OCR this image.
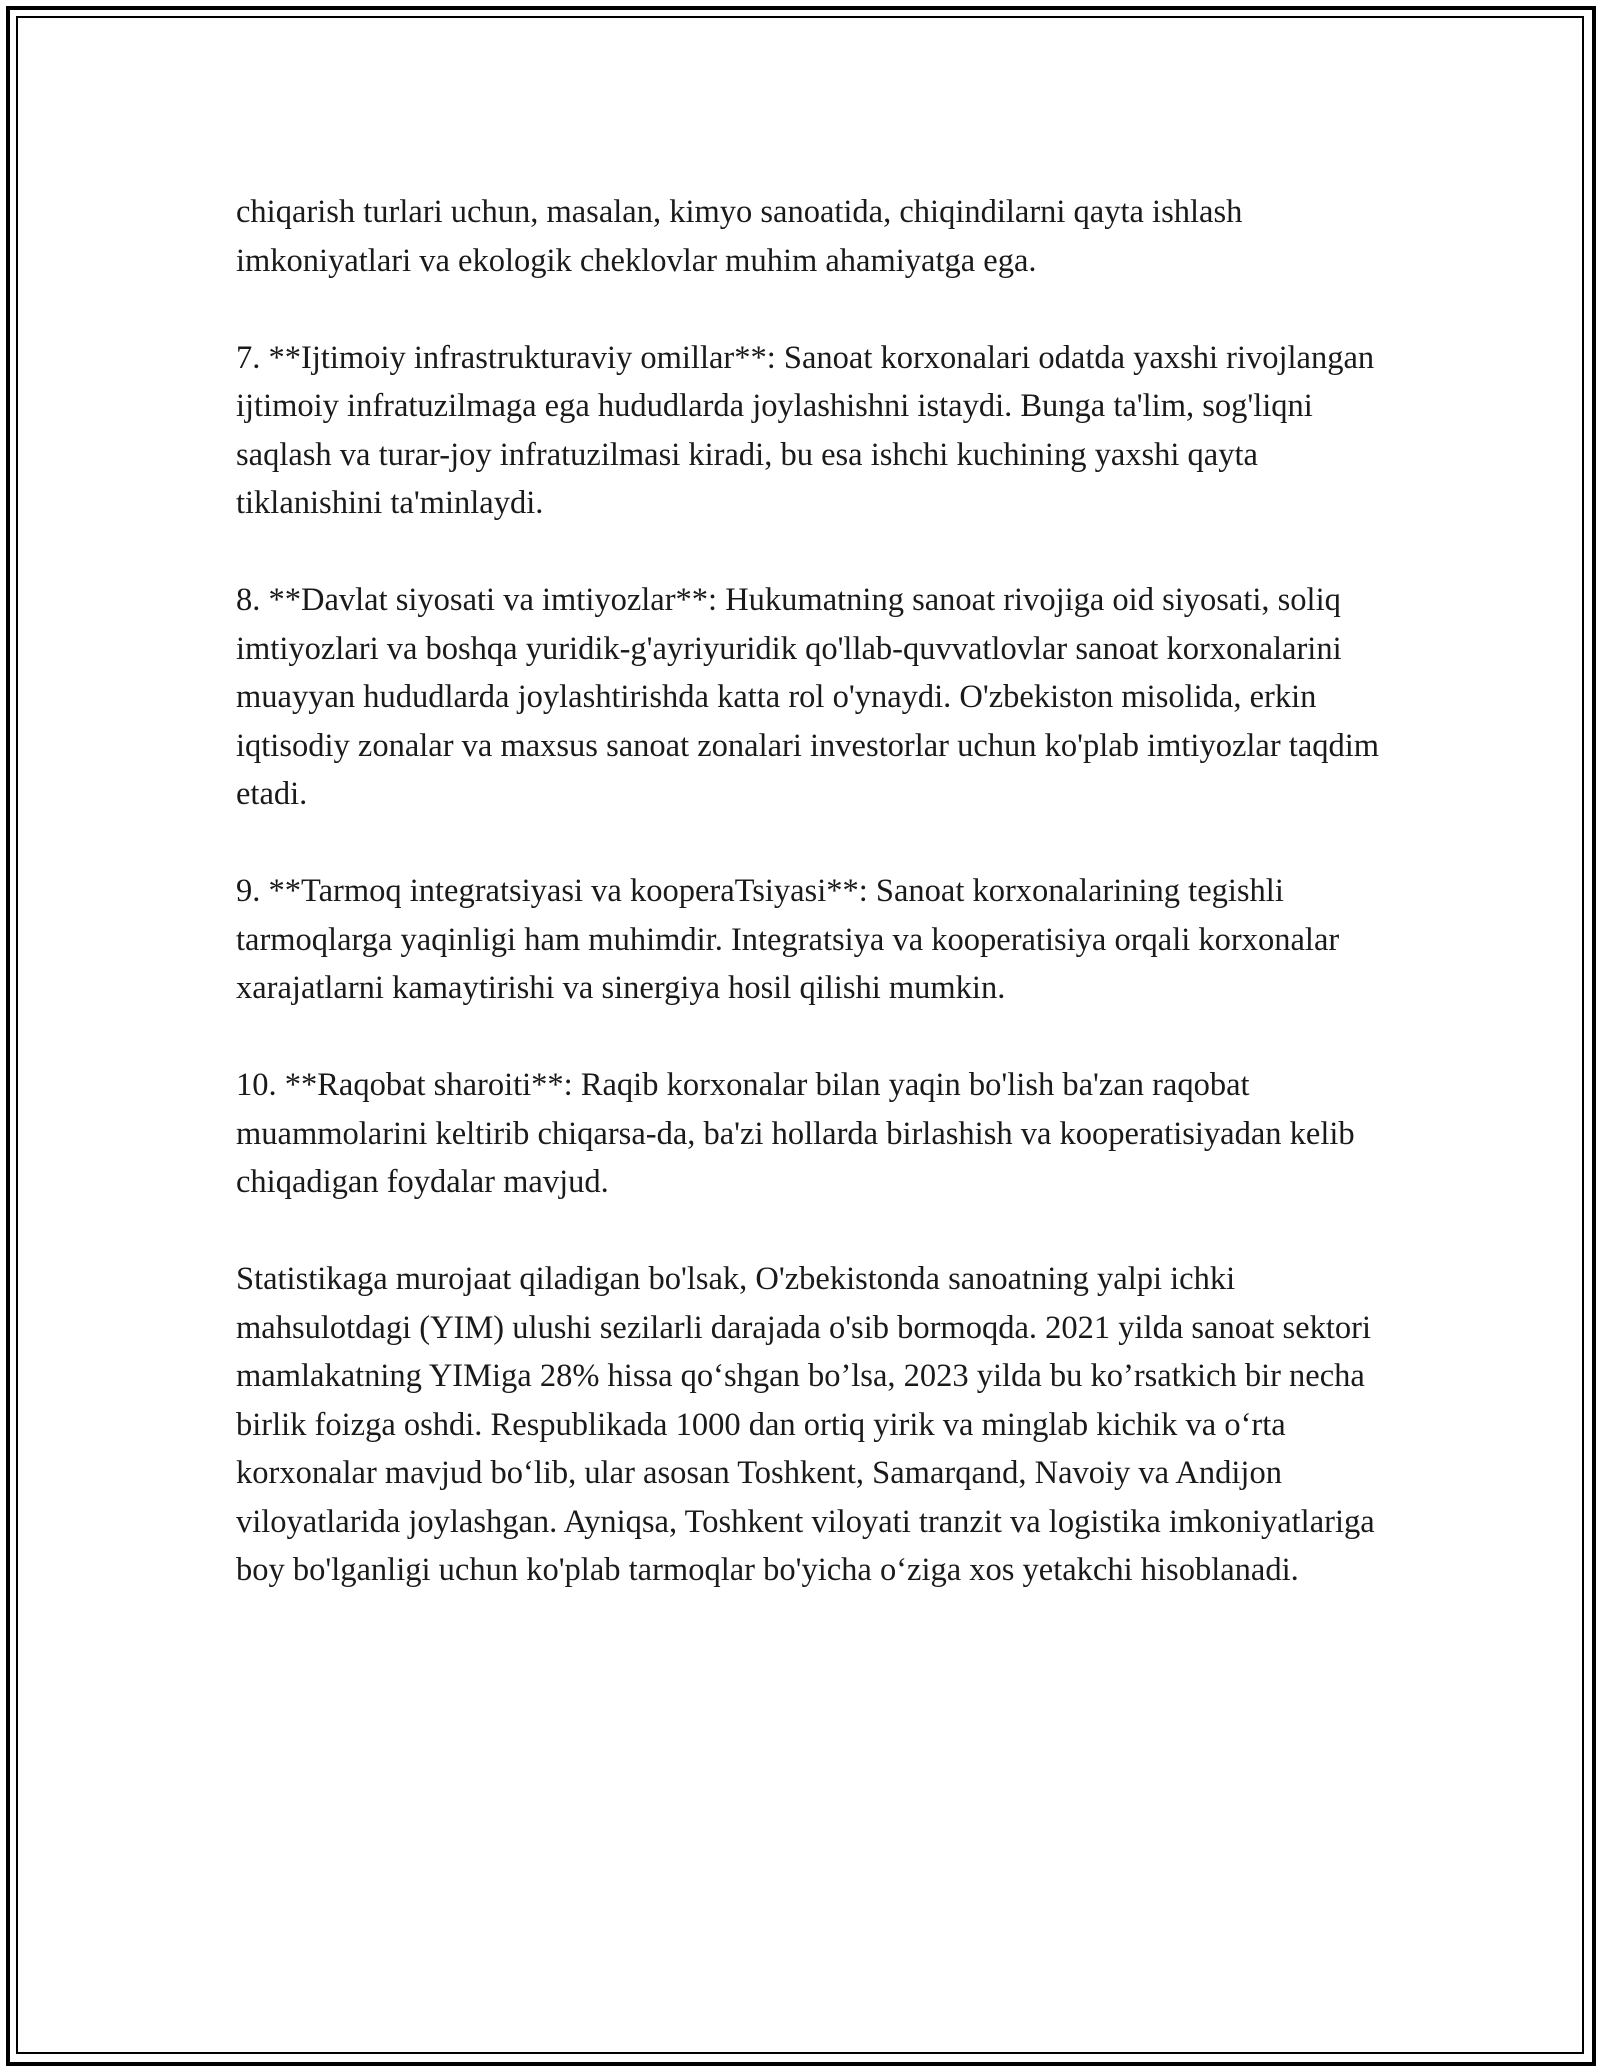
chiqarish turlari uchun, masalan, kimyo sanoatida, chiqindilarni qayta ishlash imkoniyatlari va ekologik cheklovlar muhim ahamiyatga ega.

7. **Ijtimoiy infrastrukturaviy omillar**: Sanoat korxonalari odatda yaxshi rivojlangan ijtimoiy infratuzilmaga ega hududlarda joylashishni istaydi. Bunga ta'lim, sog'liqni saqlash va turar-joy infratuzilmasi kiradi, bu esa ishchi kuchining yaxshi qayta tiklanishini ta'minlaydi.

8. **Davlat siyosati va imtiyozlar**: Hukumatning sanoat rivojiga oid siyosati, soliq imtiyozlari va boshqa yuridik-g'ayriyuridik qo'llab-quvvatlovlar sanoat korxonalarini muayyan hududlarda joylashtirishda katta rol o'ynaydi. O'zbekiston misolida, erkin iqtisodiy zonalar va maxsus sanoat zonalari investorlar uchun ko'plab imtiyozlar taqdim etadi.

9. **Tarmoq integratsiyasi va kooperaTsiyasi**: Sanoat korxonalarining tegishli tarmoqlarga yaqinligi ham muhimdir. Integratsiya va kooperatisiya orqali korxonalar xarajatlarni kamaytirishi va sinergiya hosil qilishi mumkin.

10. **Raqobat sharoiti**: Raqib korxonalar bilan yaqin bo'lish ba'zan raqobat muammolarini keltirib chiqarsa-da, ba'zi hollarda birlashish va kooperatisiyadan kelib chiqadigan foydalar mavjud.

Statistikaga murojaat qiladigan bo'lsak, O'zbekistonda sanoatning yalpi ichki mahsulotdagi (YIM) ulushi sezilarli darajada o'sib bormoqda. 2021 yilda sanoat sektori mamlakatning YIMiga 28% hissa qo‘shgan bo’lsa, 2023 yilda bu ko’rsatkich bir necha birlik foizga oshdi. Respublikada 1000 dan ortiq yirik va minglab kichik va o‘rta korxonalar mavjud bo‘lib, ular asosan Toshkent, Samarqand, Navoiy va Andijon viloyatlarida joylashgan. Ayniqsa, Toshkent viloyati tranzit va logistika imkoniyatlariga boy bo'lganligi uchun ko'plab tarmoqlar bo'yicha o‘ziga xos yetakchi hisoblanadi.
